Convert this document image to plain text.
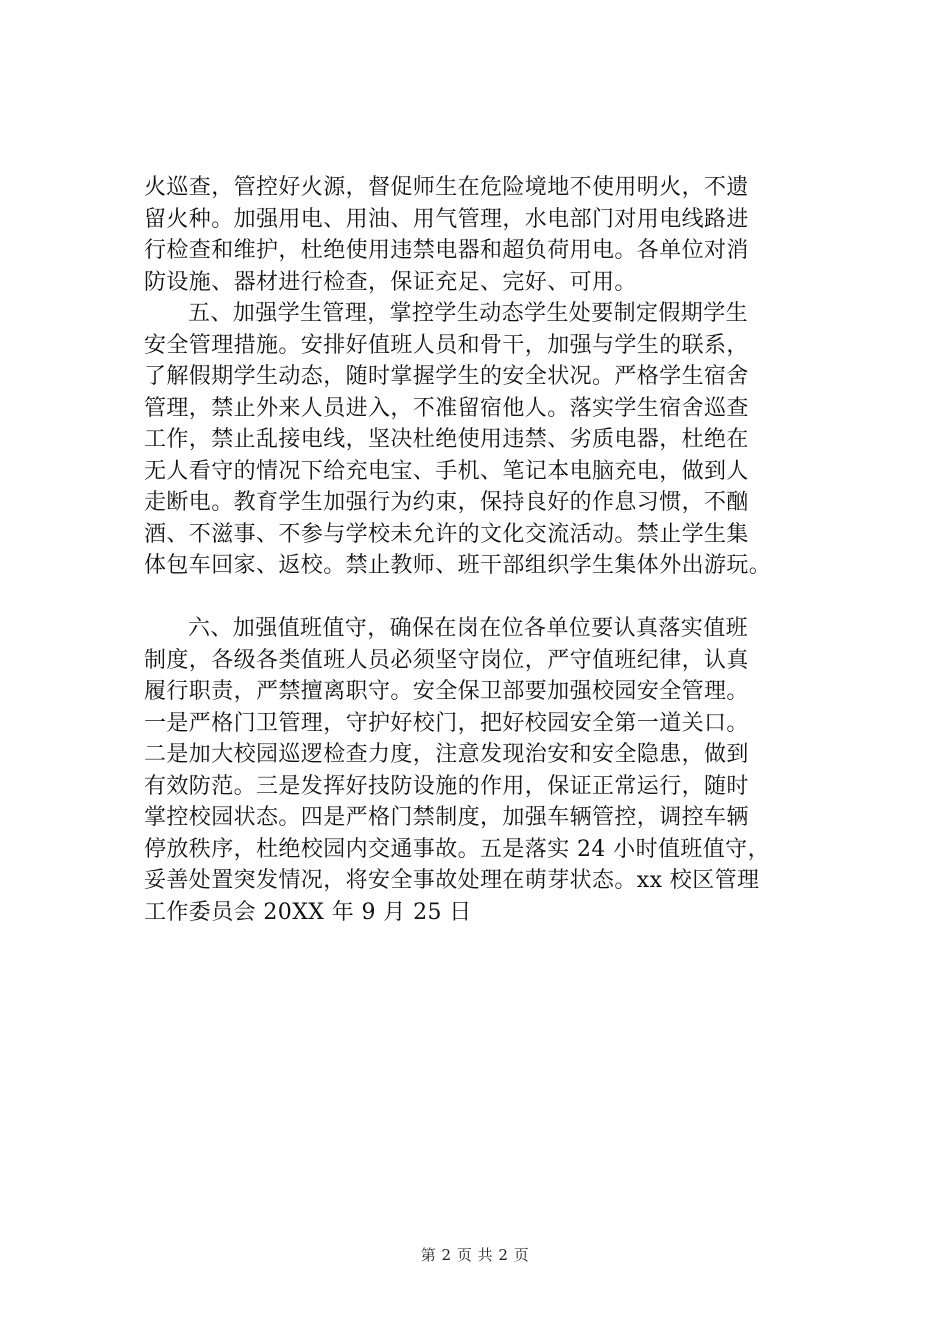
火巡查，管控好火源，督促师生在危险境地不使用明火，不遗
留火种。加强用电、用油、用气管理，水电部门对用电线路进
行检查和维护，杜绝使用违禁电器和超负荷用电。各单位对消
防设施、器材进行检查，保证充足、完好、可用。
五、加强学生管理，掌控学生动态学生处要制定假期学生
安全管理措施。安排好值班人员和骨干，加强与学生的联系，
了解假期学生动态，随时掌握学生的安全状况。严格学生宿舍
管理，禁止外来人员进入，不准留宿他人。落实学生宿舍巡查
工作，禁止乱接电线，坚决杜绝使用违禁、劣质电器，杜绝在
无人看守的情况下给充电宝、手机、笔记本电脑充电，做到人
走断电。教育学生加强行为约束，保持良好的作息习惯，不酗
酒、不滋事、不参与学校未允许的文化交流活动。禁止学生集
体包车回家、返校。禁止教师、班干部组织学生集体外出游玩。
六、加强值班值守，确保在岗在位各单位要认真落实值班
制度，各级各类值班人员必须坚守岗位，严守值班纪律，认真
履行职责，严禁擅离职守。安全保卫部要加强校园安全管理。
一是严格门卫管理，守护好校门，把好校园安全第一道关口。
二是加大校园巡逻检查力度，注意发现治安和安全隐患，做到
有效防范。三是发挥好技防设施的作用，保证正常运行，随时
掌控校园状态。四是严格门禁制度，加强车辆管控，调控车辆
停放秩序，杜绝校园内交通事故。五是落实 24 小时值班值守，
妥善处置突发情况，将安全事故处理在萌芽状态。xx 校区管理
工作委员会 20XX 年 9 月 25 日
第 2 页 共 2 页
